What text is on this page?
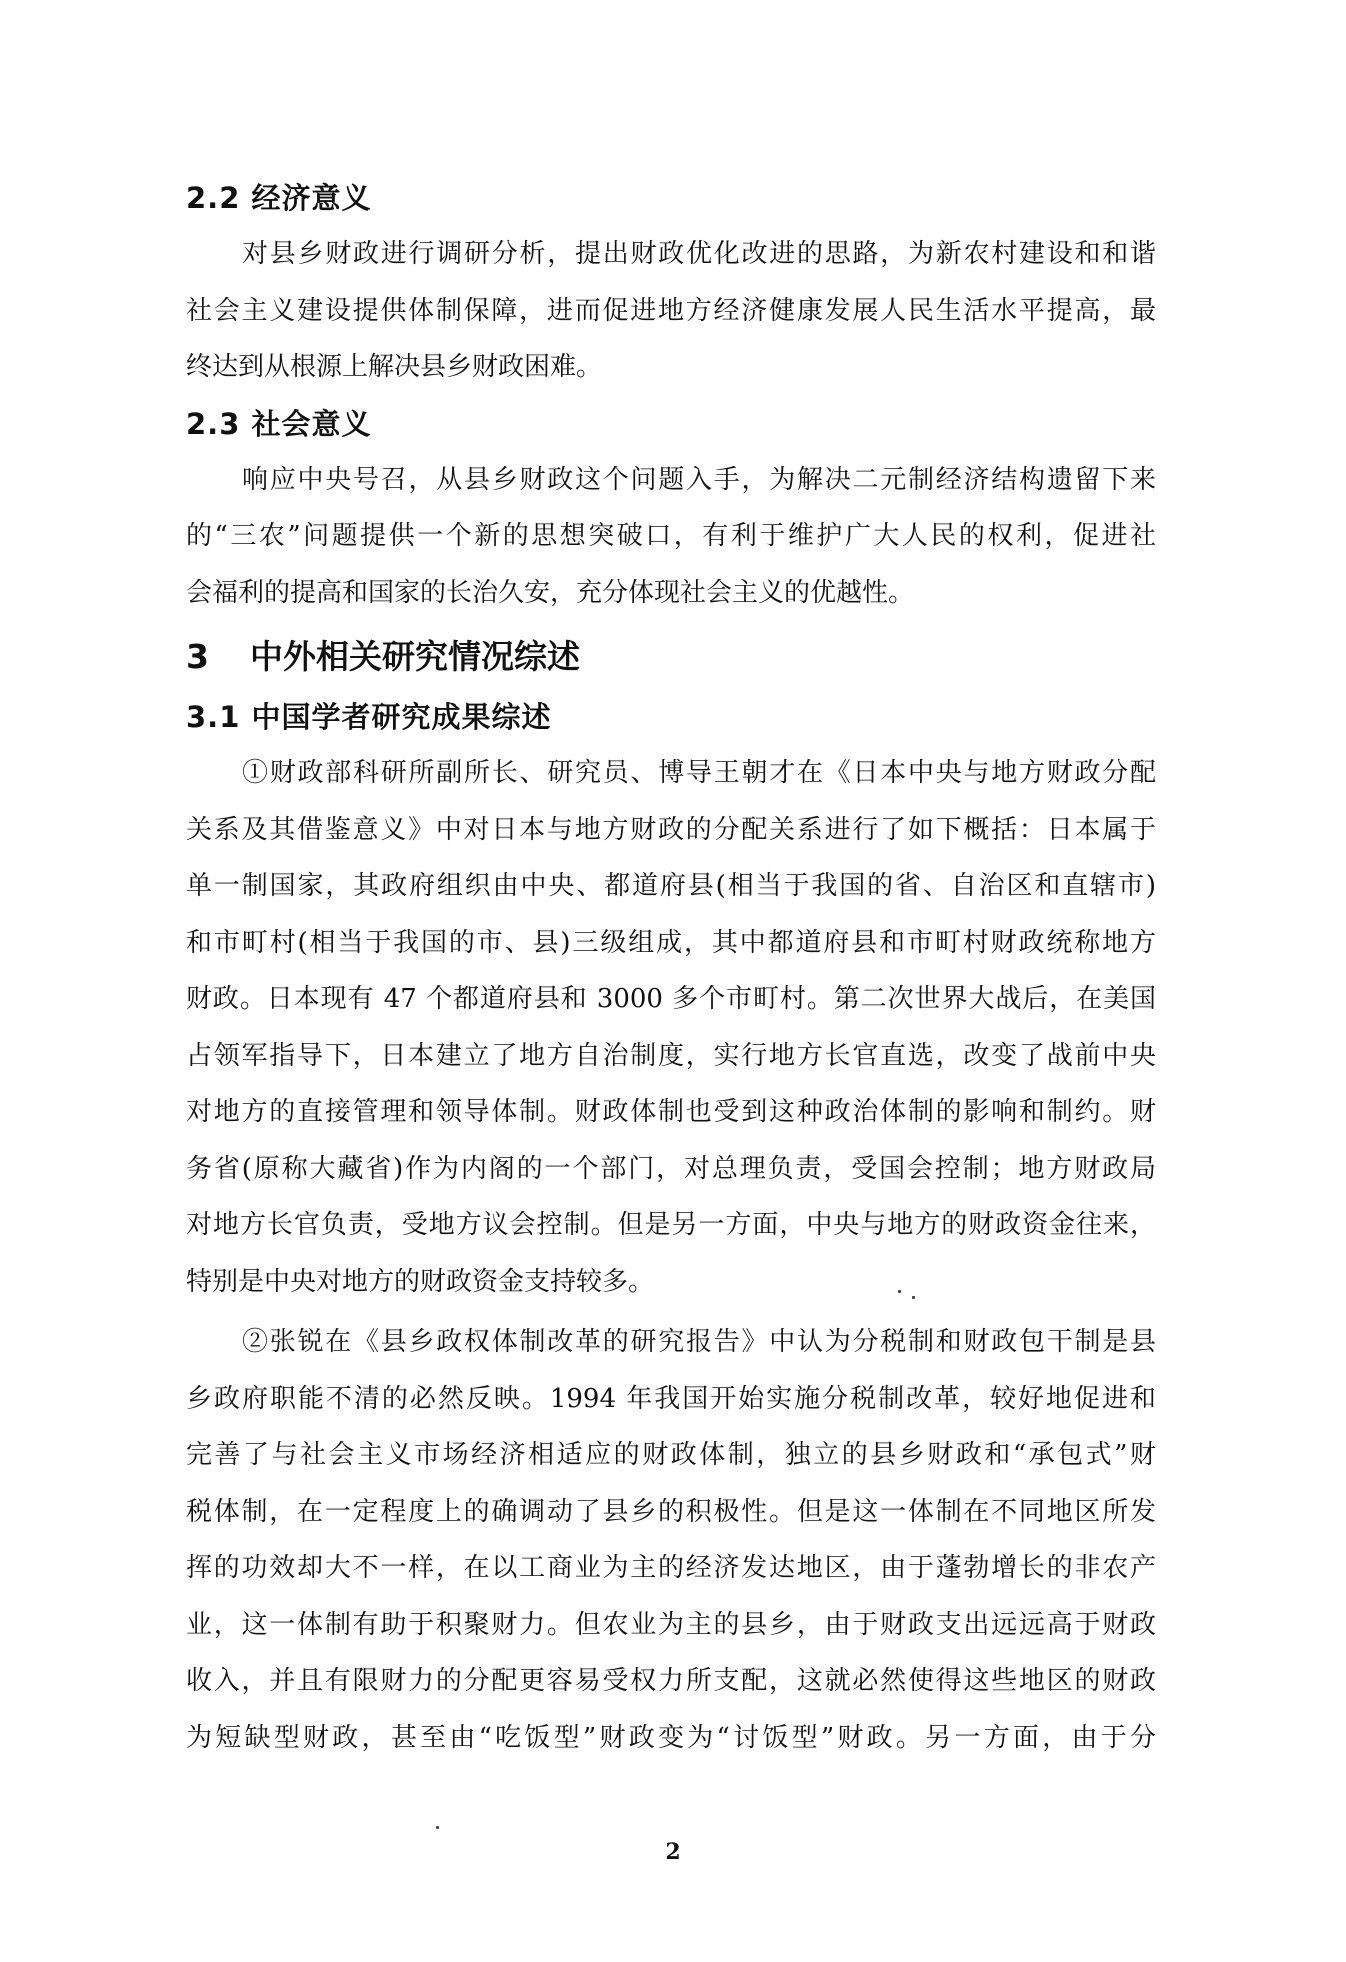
2.2 经济意义
对县乡财政进行调研分析，提出财政优化改进的思路，为新农村建设和和谐
社会主义建设提供体制保障，进而促进地方经济健康发展人民生活水平提高，最
终达到从根源上解决县乡财政困难。
2.3 社会意义
响应中央号召，从县乡财政这个问题入手，为解决二元制经济结构遗留下来
的“三农”问题提供一个新的思想突破口，有利于维护广大人民的权利，促进社
会福利的提高和国家的长治久安，充分体现社会主义的优越性。
3 中外相关研究情况综述
3.1 中国学者研究成果综述
①财政部科研所副所长、研究员、博导王朝才在《日本中央与地方财政分配
关系及其借鉴意义》中对日本与地方财政的分配关系进行了如下概括：日本属于
单一制国家，其政府组织由中央、都道府县(相当于我国的省、自治区和直辖市)
和市町村(相当于我国的市、县)三级组成，其中都道府县和市町村财政统称地方
财政。日本现有 47 个都道府县和 3000 多个市町村。第二次世界大战后，在美国
占领军指导下，日本建立了地方自治制度，实行地方长官直选，改变了战前中央
对地方的直接管理和领导体制。财政体制也受到这种政治体制的影响和制约。财
务省(原称大藏省)作为内阁的一个部门，对总理负责，受国会控制；地方财政局
对地方长官负责，受地方议会控制。但是另一方面，中央与地方的财政资金往来，
特别是中央对地方的财政资金支持较多。
②张锐在《县乡政权体制改革的研究报告》中认为分税制和财政包干制是县
乡政府职能不清的必然反映。1994 年我国开始实施分税制改革，较好地促进和
完善了与社会主义市场经济相适应的财政体制，独立的县乡财政和“承包式”财
税体制，在一定程度上的确调动了县乡的积极性。但是这一体制在不同地区所发
挥的功效却大不一样，在以工商业为主的经济发达地区，由于蓬勃增长的非农产
业，这一体制有助于积聚财力。但农业为主的县乡，由于财政支出远远高于财政
收入，并且有限财力的分配更容易受权力所支配，这就必然使得这些地区的财政
为短缺型财政，甚至由“吃饭型”财政变为“讨饭型”财政。另一方面，由于分
2
